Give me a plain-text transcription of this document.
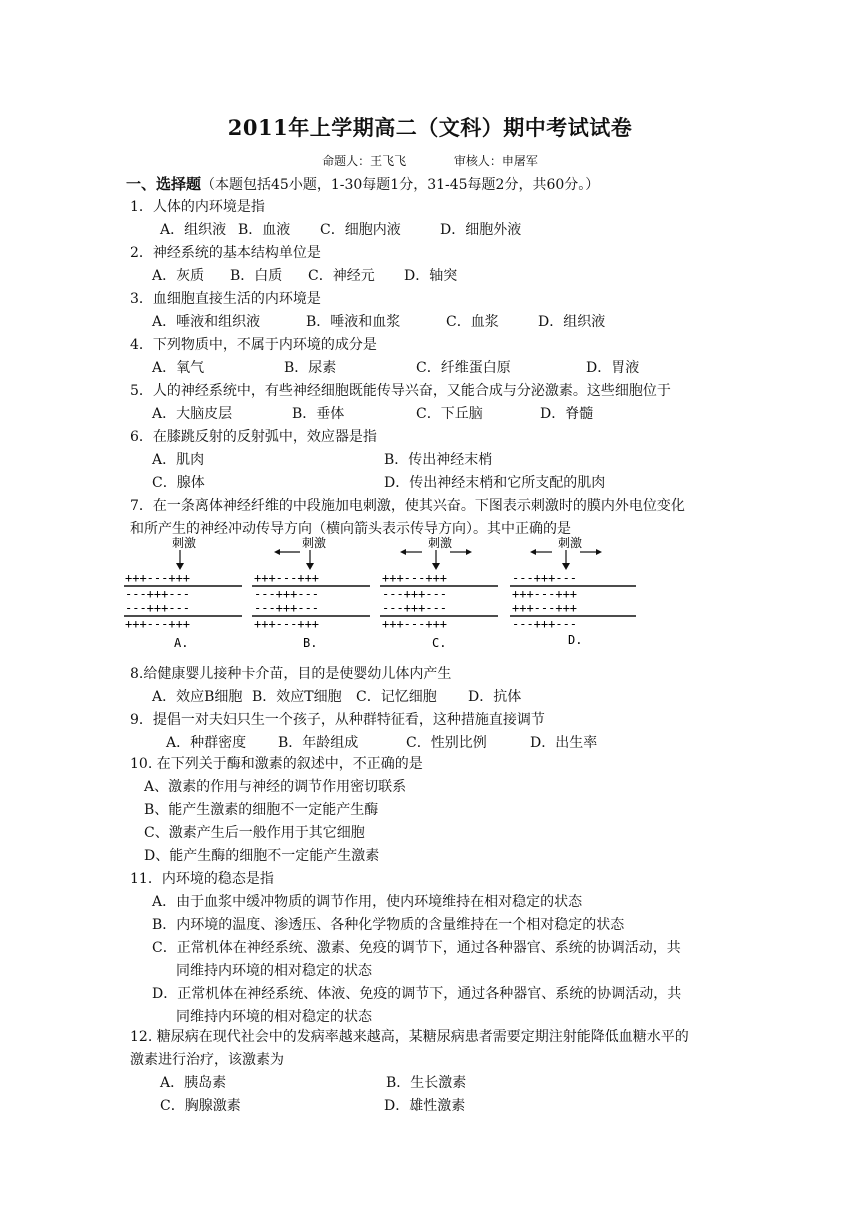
2011年上学期高二（文科）期中考试试卷
命题人：王飞飞	审核人：申屠军
一、选择题（本题包括45小题，1-30每题1分，31-45每题2分，共60分。）
1．人体的内环境是指
A．组织液 B．血液 C．细胞内液	D．细胞外液
2．神经系统的基本结构单位是
A．灰质 B．白质 C．神经元 D．轴突
3．血细胞直接生活的内环境是
A．唾液和组织液	B．唾液和血浆	C．血浆	D．组织液
4．下列物质中，不属于内环境的成分是
A．氧气	B．尿素	C．纤维蛋白原	D．胃液
5．人的神经系统中，有些神经细胞既能传导兴奋，又能合成与分泌激素。这些细胞位于
A．大脑皮层	B．垂体	C．下丘脑	D．脊髓
6．在膝跳反射的反射弧中，效应器是指
A．肌肉	B．传出神经末梢
C．腺体	D．传出神经末梢和它所支配的肌肉
7．在一条离体神经纤维的中段施加电刺激，使其兴奋。下图表示刺激时的膜内外电位变化
和所产生的神经冲动传导方向（横向箭头表示传导方向）。其中正确的是
刺激
+++---+++
---+++---
---+++---
+++---+++
A.
刺激
+++---+++
---+++---
---+++---
+++---+++
B.
刺激
+++---+++
---+++---
---+++---
+++---+++
C.
刺激
---+++---
+++---+++
+++---+++
---+++---
D.
8.给健康婴儿接种卡介苗，目的是使婴幼儿体内产生
A．效应B细胞 B．效应T细胞 C．记忆细胞 D．抗体
9．提倡一对夫妇只生一个孩子，从种群特征看，这种措施直接调节
A．种群密度 B．年龄组成	C．性别比例	D．出生率
10. 在下列关于酶和激素的叙述中，不正确的是
A、激素的作用与神经的调节作用密切联系
B、能产生激素的细胞不一定能产生酶
C、激素产生后一般作用于其它细胞
D、能产生酶的细胞不一定能产生激素
11．内环境的稳态是指
A．由于血浆中缓冲物质的调节作用，使内环境维持在相对稳定的状态
B．内环境的温度、渗透压、各种化学物质的含量维持在一个相对稳定的状态
C．正常机体在神经系统、激素、免疫的调节下，通过各种器官、系统的协调活动，共
同维持内环境的相对稳定的状态
D．正常机体在神经系统、体液、免疫的调节下，通过各种器官、系统的协调活动，共
同维持内环境的相对稳定的状态
12. 糖尿病在现代社会中的发病率越来越高，某糖尿病患者需要定期注射能降低血糖水平的
激素进行治疗，该激素为
A．胰岛素	B．生长激素
C．胸腺激素	D．雄性激素
